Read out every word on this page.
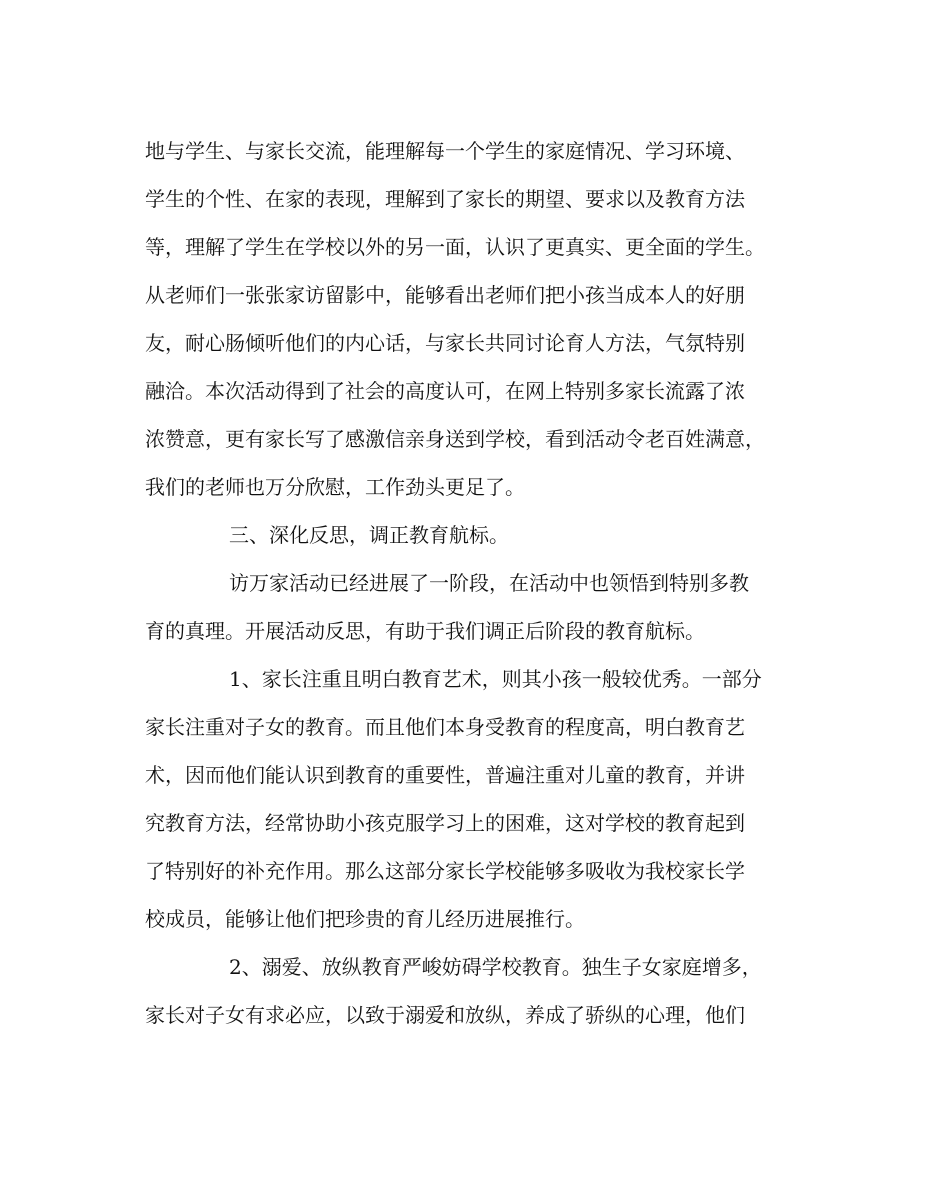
地与学生、与家长交流，能理解每一个学生的家庭情况、学习环境、
学生的个性、在家的表现，理解到了家长的期望、要求以及教育方法
等，理解了学生在学校以外的另一面，认识了更真实、更全面的学生。
从老师们一张张家访留影中，能够看出老师们把小孩当成本人的好朋
友，耐心肠倾听他们的内心话，与家长共同讨论育人方法，气氛特别
融洽。本次活动得到了社会的高度认可，在网上特别多家长流露了浓
浓赞意，更有家长写了感激信亲身送到学校，看到活动令老百姓满意，
我们的老师也万分欣慰，工作劲头更足了。
三、深化反思，调正教育航标。
访万家活动已经进展了一阶段，在活动中也领悟到特别多教
育的真理。开展活动反思，有助于我们调正后阶段的教育航标。
1、家长注重且明白教育艺术，则其小孩一般较优秀。一部分
家长注重对子女的教育。而且他们本身受教育的程度高，明白教育艺
术，因而他们能认识到教育的重要性，普遍注重对儿童的教育，并讲
究教育方法，经常协助小孩克服学习上的困难，这对学校的教育起到
了特别好的补充作用。那么这部分家长学校能够多吸收为我校家长学
校成员，能够让他们把珍贵的育儿经历进展推行。
2、溺爱、放纵教育严峻妨碍学校教育。独生子女家庭增多，
家长对子女有求必应，以致于溺爱和放纵，养成了骄纵的心理，他们
